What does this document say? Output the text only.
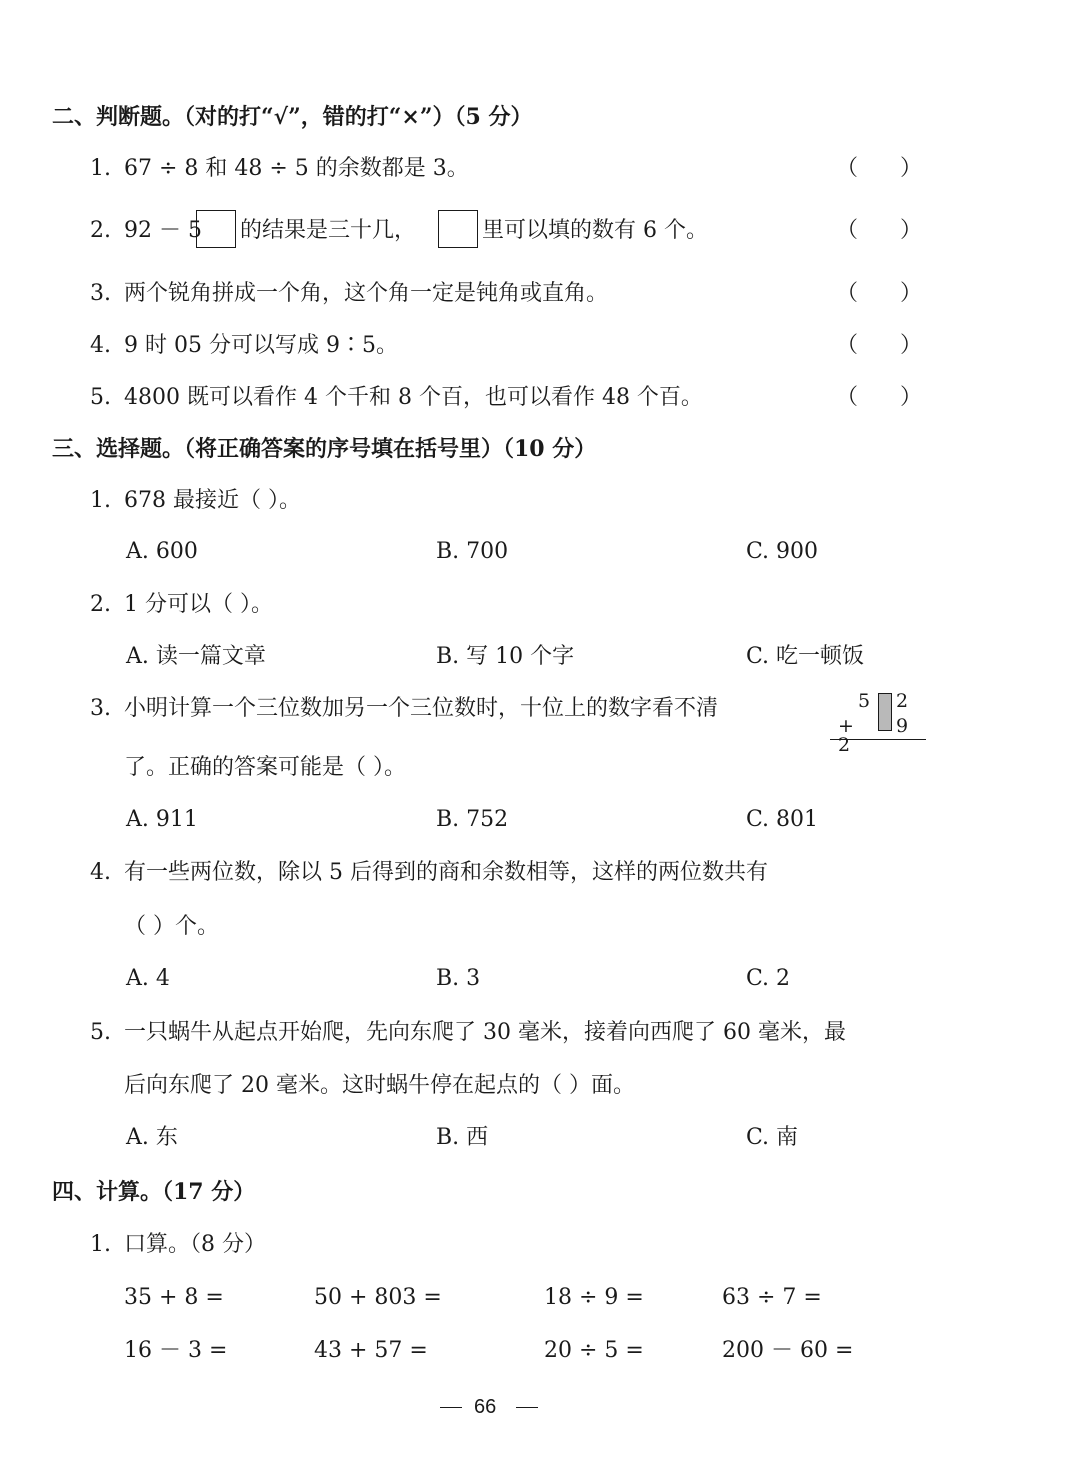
二、判断题。（对的打“√”，错的打“×”）（5 分）
1. 67 ÷ 8 和 48 ÷ 5 的余数都是 3。	（      ）
2. 92 － 5 的结果是三十几，	里可以填的数有 6 个。	（      ）
3. 两个锐角拼成一个角，这个角一定是钝角或直角。	（      ）
4. 9 时 05 分可以写成 9∶5。	（      ）
5. 4800 既可以看作 4 个千和 8 个百，也可以看作 48 个百。	（      ）
三、选择题。（将正确答案的序号填在括号里）（10 分）
1. 678 最接近（ ）。
A. 600	B. 700	C. 900
2. 1 分可以（ ）。
A. 读一篇文章	B. 写 10 个字	C. 吃一顿饭
3. 小明计算一个三位数加另一个三位数时，十位上的数字看不清	5 2
+ 2
9
了。正确的答案可能是（ ）。
A. 911	B. 752	C. 801
4. 有一些两位数，除以 5 后得到的商和余数相等，这样的两位数共有
（ ）个。
A. 4	B. 3	C. 2
5. 一只蜗牛从起点开始爬，先向东爬了 30 毫米，接着向西爬了 60 毫米，最
后向东爬了 20 毫米。这时蜗牛停在起点的（ ）面。
A. 东	B. 西	C. 南
四、计算。（17 分）
1. 口算。（8 分）
35 + 8 =	50 + 803 =	18 ÷ 9 =	63 ÷ 7 =
16 － 3 =	43 + 57 =	20 ÷ 5 =	200 － 60 =
66
